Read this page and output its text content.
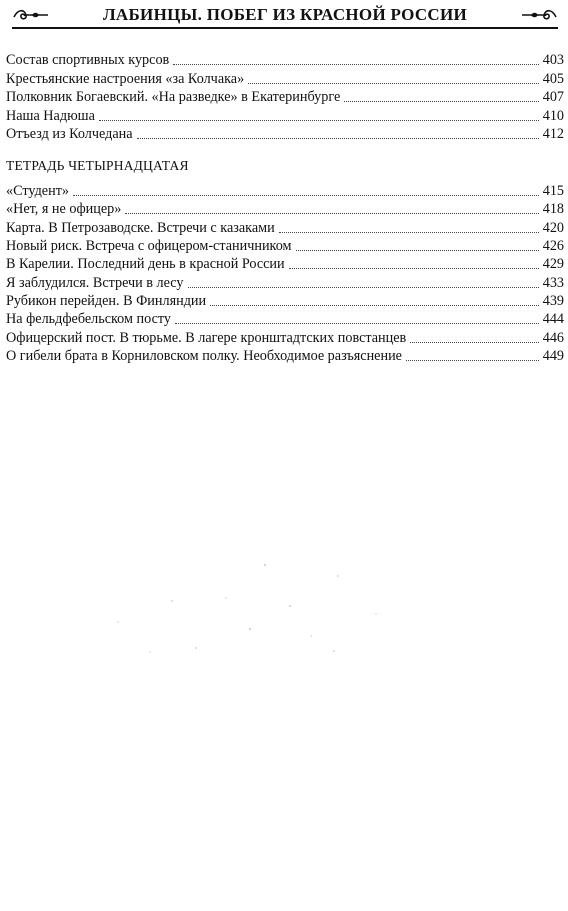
ЛАБИНЦЫ. ПОБЕГ ИЗ КРАСНОЙ РОССИИ
Состав спортивных курсов	403
Крестьянские настроения «за Колчака»	405
Полковник Богаевский. «На разведке» в Екатеринбурге	407
Наша Надюша	410
Отъезд из Колчедана	412
ТЕТРАДЬ ЧЕТЫРНАДЦАТАЯ
«Студент»	415
«Нет, я не офицер»	418
Карта. В Петрозаводске. Встречи с казаками	420
Новый риск. Встреча с офицером-станичником	426
В Карелии. Последний день в красной России	429
Я заблудился. Встречи в лесу	433
Рубикон перейден. В Финляндии	439
На фельдфебельском посту	444
Офицерский пост. В тюрьме. В лагере кронштадтских повстанцев	446
О гибели брата в Корниловском полку. Необходимое разъяснение	449
